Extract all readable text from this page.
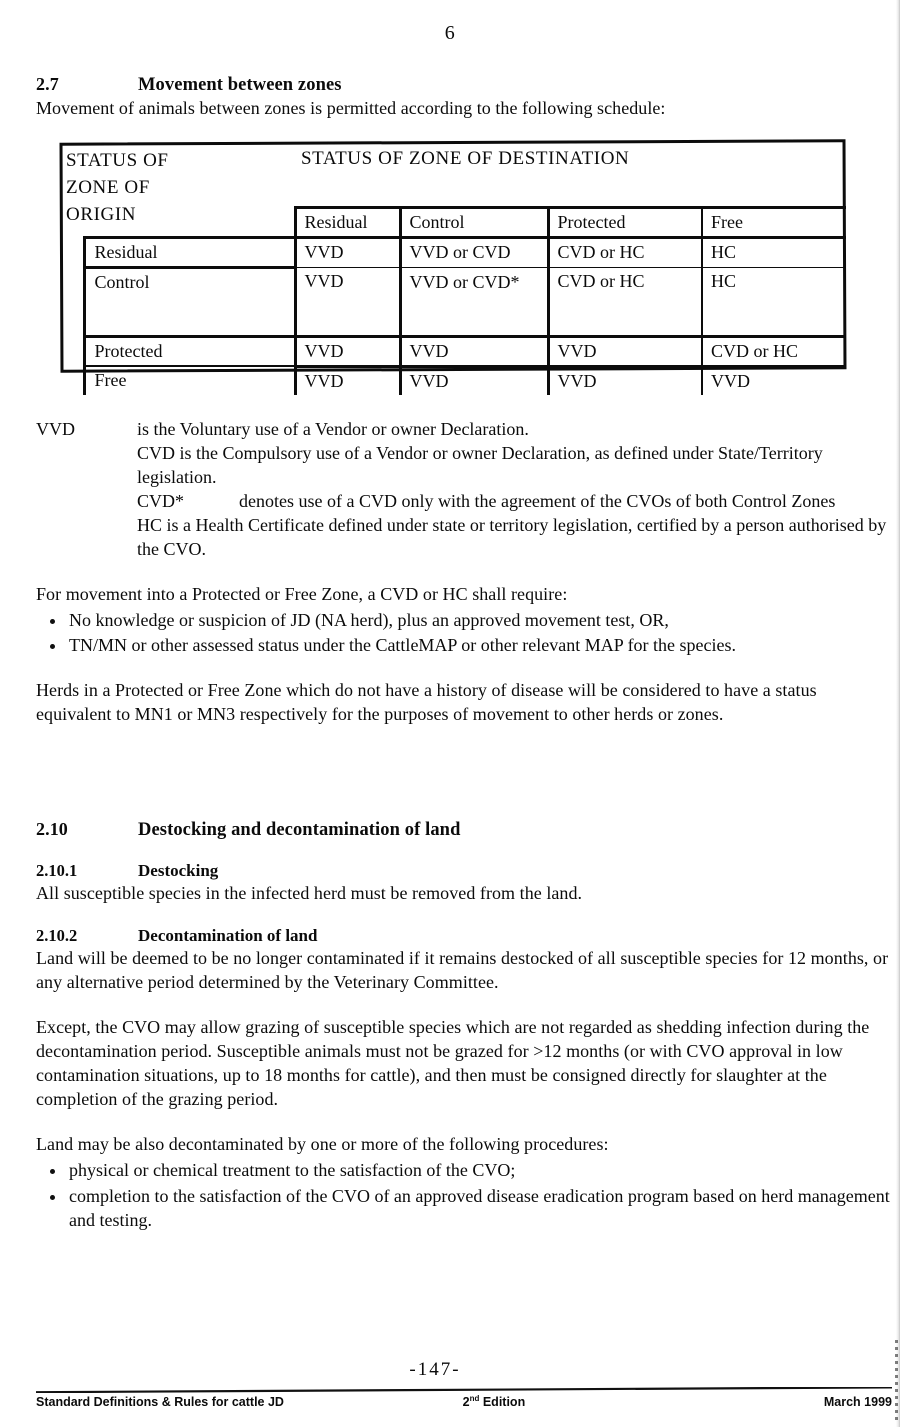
6
2.7	Movement between zones

Movement of animals between zones is permitted according to the following schedule:

STATUS OF
ZONE OF
ORIGIN		STATUS OF ZONE OF DESTINATION			
		Residual	Control	Protected	Free
	Residual	VVD	VVD or CVD	CVD or HC	HC
	Control	VVD	VVD or CVD*	CVD or HC	HC
	Protected	VVD	VVD	VVD	CVD or HC
	Free	VVD	VVD	VVD	VVD
VVD	is the Voluntary use of a Vendor or owner Declaration.
CVD is the Compulsory use of a Vendor or owner Declaration, as defined under State/Territory legislation.
CVD*	denotes use of a CVD only with the agreement of the CVOs of both Control Zones
HC is a Health Certificate defined under state or territory legislation, certified by a person authorised by the CVO.

For movement into a Protected or Free Zone, a CVD or HC shall require:

No knowledge or suspicion of JD (NA herd), plus an approved movement test, OR,
TN/MN or other assessed status under the CattleMAP or other relevant MAP for the species.

Herds in a Protected or Free Zone which do not have a history of disease will be considered to have a status equivalent to MN1 or MN3 respectively for the purposes of movement to other herds or zones.

2.10	Destocking and decontamination of land
2.10.1	Destocking

All susceptible species in the infected herd must be removed from the land.

2.10.2	Decontamination of land

Land will be deemed to be no longer contaminated if it remains destocked of all susceptible species for 12 months, or any alternative period determined by the Veterinary Committee.

Except, the CVO may allow grazing of susceptible species which are not regarded as shedding infection during the decontamination period. Susceptible animals must not be grazed for >12 months (or with CVO approval in low contamination situations, up to 18 months for cattle), and then must be consigned directly for slaughter at the completion of the grazing period.

Land may be also decontaminated by one or more of the following procedures:

physical or chemical treatment to the satisfaction of the CVO;
completion to the satisfaction of the CVO of an approved disease eradication program based on herd management and testing.
-147-
Standard Definitions & Rules for cattle JD	2nd Edition	March 1999
